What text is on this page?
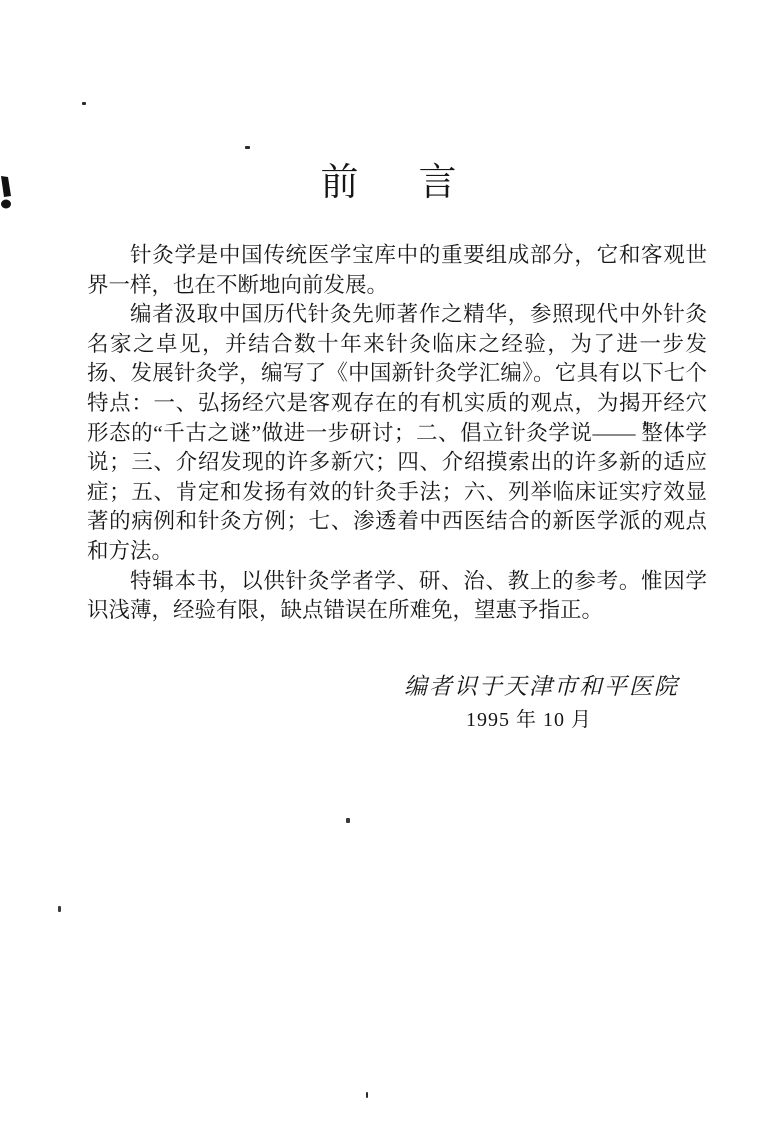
前 言

针灸学是中国传统医学宝库中的重要组成部分，它和客观世界一样，也在不断地向前发展。

编者汲取中国历代针灸先师著作之精华，参照现代中外针灸名家之卓见，并结合数十年来针灸临床之经验，为了进一步发扬、发展针灸学，编写了《中国新针灸学汇编》。它具有以下七个特点：一、弘扬经穴是客观存在的有机实质的观点，为揭开经穴形态的“千古之谜”做进一步研讨；二、倡立针灸学说—— 整体学说；三、介绍发现的许多新穴；四、介绍摸索出的许多新的适应症；五、肯定和发扬有效的针灸手法；六、列举临床证实疗效显著的病例和针灸方例；七、渗透着中西医结合的新医学派的观点和方法。

特辑本书，以供针灸学者学、研、治、教上的参考。惟因学识浅薄，经验有限，缺点错误在所难免，望惠予指正。

编者识于天津市和平医院
1995 年 10 月
